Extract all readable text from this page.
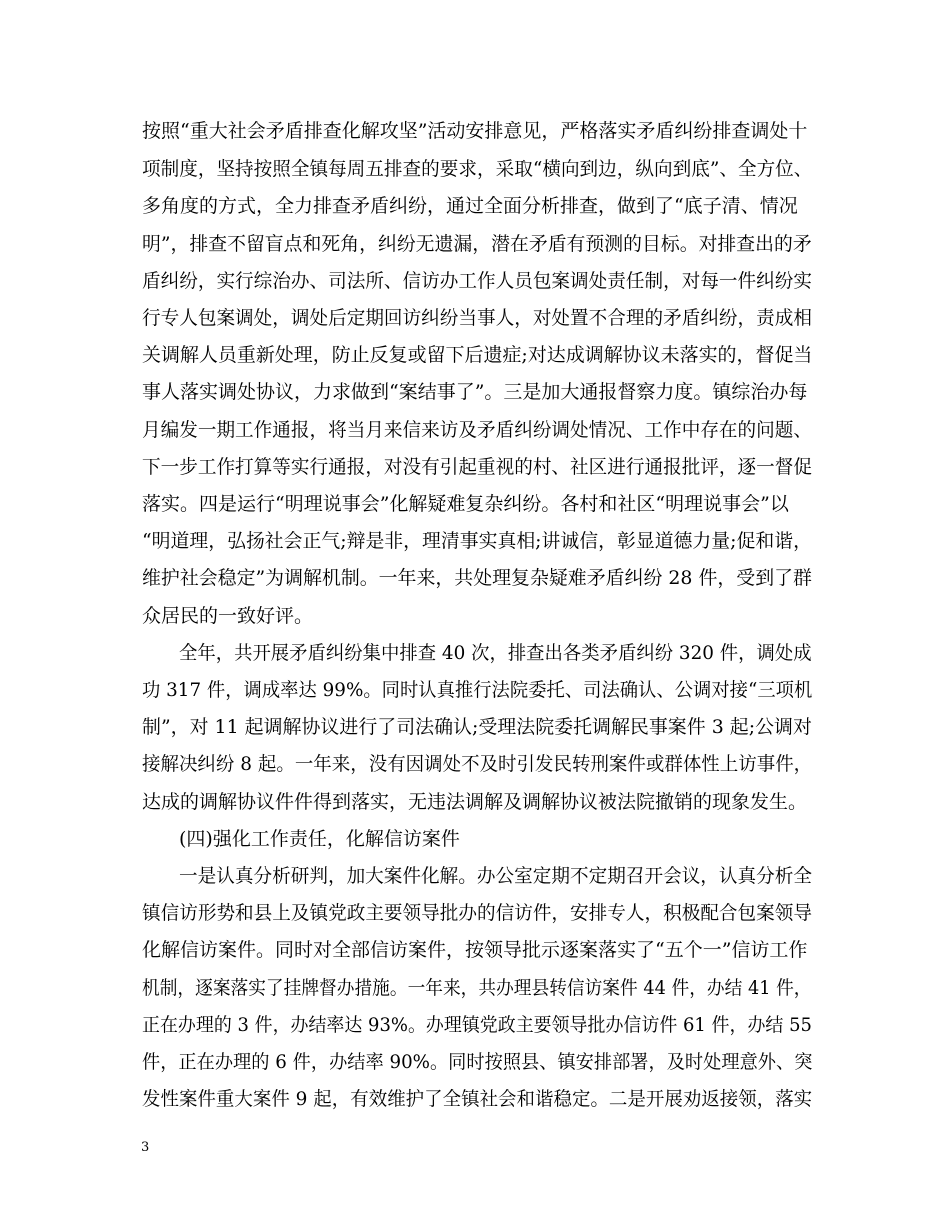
按照“重大社会矛盾排查化解攻坚”活动安排意见，严格落实矛盾纠纷排查调处十

项制度，坚持按照全镇每周五排查的要求，采取“横向到边，纵向到底”、全方位、

多角度的方式，全力排查矛盾纠纷，通过全面分析排查，做到了“底子清、情况

明”，排查不留盲点和死角，纠纷无遗漏，潜在矛盾有预测的目标。对排查出的矛

盾纠纷，实行综治办、司法所、信访办工作人员包案调处责任制，对每一件纠纷实

行专人包案调处，调处后定期回访纠纷当事人，对处置不合理的矛盾纠纷，责成相

关调解人员重新处理，防止反复或留下后遗症;对达成调解协议未落实的，督促当

事人落实调处协议，力求做到“案结事了”。三是加大通报督察力度。镇综治办每

月编发一期工作通报，将当月来信来访及矛盾纠纷调处情况、工作中存在的问题、

下一步工作打算等实行通报，对没有引起重视的村、社区进行通报批评，逐一督促

落实。四是运行“明理说事会”化解疑难复杂纠纷。各村和社区“明理说事会”以

“明道理，弘扬社会正气;辩是非，理清事实真相;讲诚信，彰显道德力量;促和谐，

维护社会稳定”为调解机制。一年来，共处理复杂疑难矛盾纠纷 28 件，受到了群

众居民的一致好评。

全年，共开展矛盾纠纷集中排查 40 次，排查出各类矛盾纠纷 320 件，调处成

功 317 件，调成率达 99%。同时认真推行法院委托、司法确认、公调对接“三项机

制”，对 11 起调解协议进行了司法确认;受理法院委托调解民事案件 3 起;公调对

接解决纠纷 8 起。一年来，没有因调处不及时引发民转刑案件或群体性上访事件，

达成的调解协议件件得到落实，无违法调解及调解协议被法院撤销的现象发生。

(四)强化工作责任，化解信访案件

一是认真分析研判，加大案件化解。办公室定期不定期召开会议，认真分析全

镇信访形势和县上及镇党政主要领导批办的信访件，安排专人，积极配合包案领导

化解信访案件。同时对全部信访案件，按领导批示逐案落实了“五个一”信访工作

机制，逐案落实了挂牌督办措施。一年来，共办理县转信访案件 44 件，办结 41 件，

正在办理的 3 件，办结率达 93%。办理镇党政主要领导批办信访件 61 件，办结 55

件，正在办理的 6 件，办结率 90%。同时按照县、镇安排部署，及时处理意外、突

发性案件重大案件 9 起，有效维护了全镇社会和谐稳定。二是开展劝返接领，落实

3
